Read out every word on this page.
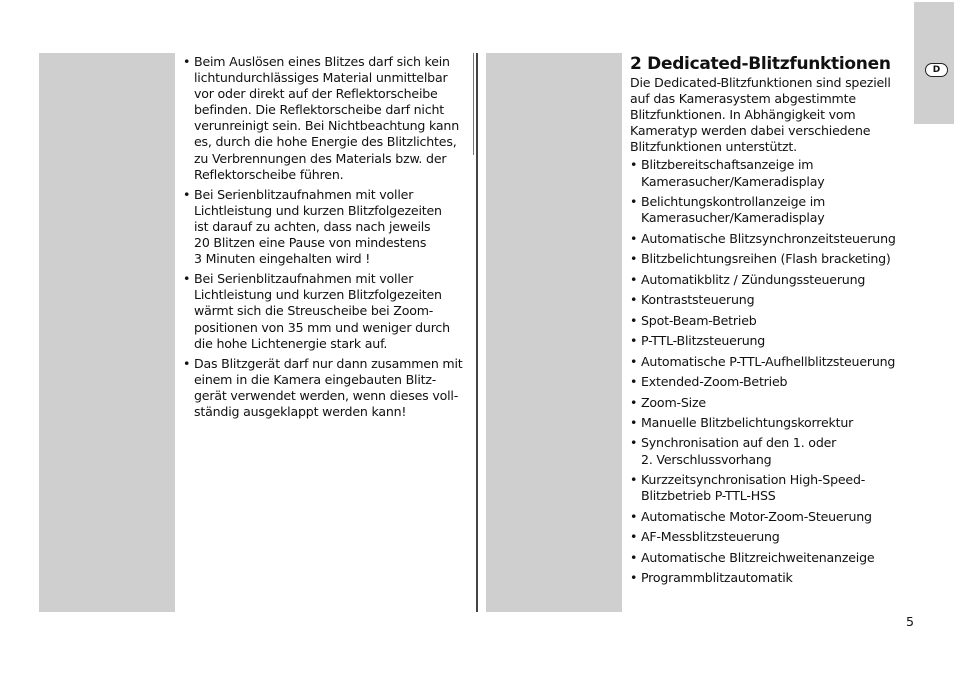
D
• Beim Auslösen eines Blitzes darf sich kein
lichtundurchlässiges Material unmittelbar
vor oder direkt auf der Reflektorscheibe
befinden. Die Reflektorscheibe darf nicht
verunreinigt sein. Bei Nichtbeachtung kann
es, durch die hohe Energie des Blitzlichtes,
zu Verbrennungen des Materials bzw. der
Reflektorscheibe führen.
• Bei Serienblitzaufnahmen mit voller
Lichtleistung und kurzen Blitzfolgezeiten
ist darauf zu achten, dass nach jeweils
20 Blitzen eine Pause von mindestens
3 Minuten eingehalten wird !
• Bei Serienblitzaufnahmen mit voller
Lichtleistung und kurzen Blitzfolgezeiten
wärmt sich die Streuscheibe bei Zoom-
positionen von 35 mm und weniger durch
die hohe Lichtenergie stark auf.
• Das Blitzgerät darf nur dann zusammen mit
einem in die Kamera eingebauten Blitz-
gerät verwendet werden, wenn dieses voll-
ständig ausgeklappt werden kann!
2 Dedicated-Blitzfunktionen
Die Dedicated-Blitzfunktionen sind speziell
auf das Kamerasystem abgestimmte
Blitzfunktionen. In Abhängigkeit vom
Kameratyp werden dabei verschiedene
Blitzfunktionen unterstützt.
• Blitzbereitschaftsanzeige im
Kamerasucher/Kameradisplay
• Belichtungskontrollanzeige im
Kamerasucher/Kameradisplay
• Automatische Blitzsynchronzeitsteuerung
• Blitzbelichtungsreihen (Flash bracketing)
• Automatikblitz / Zündungssteuerung
• Kontraststeuerung
• Spot-Beam-Betrieb
• P-TTL-Blitzsteuerung
• Automatische P-TTL-Aufhellblitzsteuerung
• Extended-Zoom-Betrieb
• Zoom-Size
• Manuelle Blitzbelichtungskorrektur
• Synchronisation auf den 1. oder
2. Verschlussvorhang
• Kurzzeitsynchronisation High-Speed-
Blitzbetrieb P-TTL-HSS
• Automatische Motor-Zoom-Steuerung
• AF-Messblitzsteuerung
• Automatische Blitzreichweitenanzeige
• Programmblitzautomatik
5
